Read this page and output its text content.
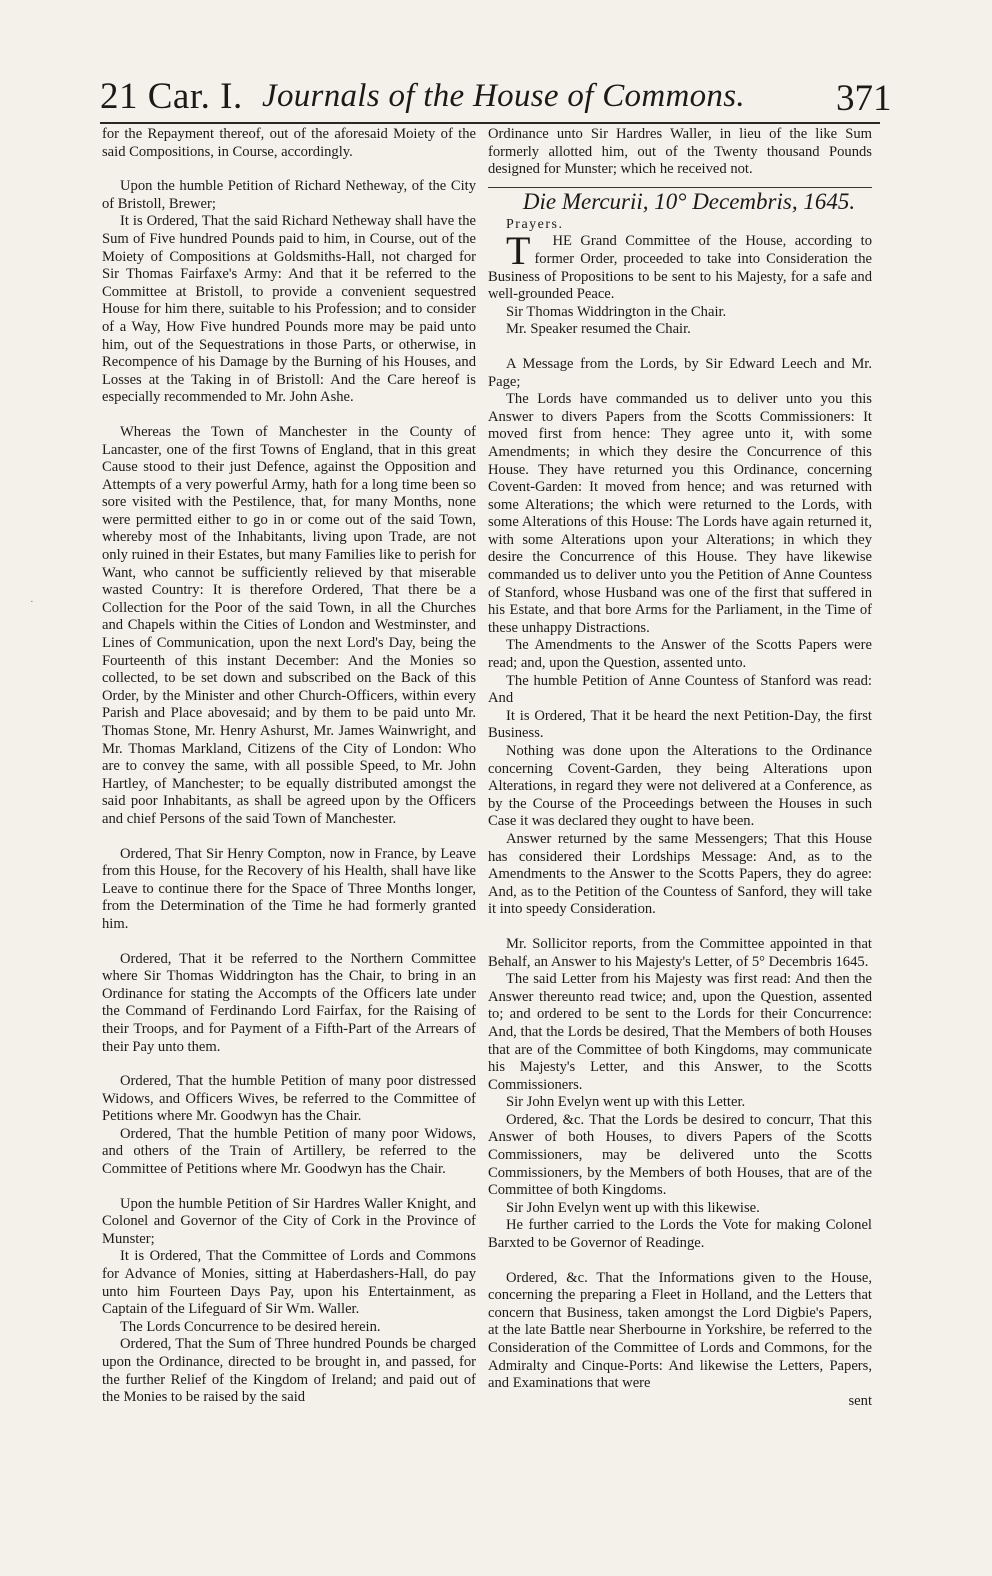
21 Car. I. Journals of the House of Commons. 371
·

for the Repayment thereof, out of the aforesaid Moiety of the said Compositions, in Course, accordingly.

Upon the humble Petition of Richard Netheway, of the City of Bristoll, Brewer;

It is Ordered, That the said Richard Netheway shall have the Sum of Five hundred Pounds paid to him, in Course, out of the Moiety of Compositions at Goldsmiths-Hall, not charged for Sir Thomas Fairfaxe's Army: And that it be referred to the Committee at Bristoll, to provide a convenient sequestred House for him there, suitable to his Profession; and to consider of a Way, How Five hundred Pounds more may be paid unto him, out of the Sequestrations in those Parts, or otherwise, in Recompence of his Damage by the Burning of his Houses, and Losses at the Taking in of Bristoll: And the Care hereof is especially recommended to Mr. John Ashe.

Whereas the Town of Manchester in the County of Lancaster, one of the first Towns of England, that in this great Cause stood to their just Defence, against the Opposition and Attempts of a very powerful Army, hath for a long time been so sore visited with the Pestilence, that, for many Months, none were permitted either to go in or come out of the said Town, whereby most of the Inhabitants, living upon Trade, are not only ruined in their Estates, but many Families like to perish for Want, who cannot be sufficiently relieved by that miserable wasted Country: It is therefore Ordered, That there be a Collection for the Poor of the said Town, in all the Churches and Chapels within the Cities of London and Westminster, and Lines of Communication, upon the next Lord's Day, being the Fourteenth of this instant December: And the Monies so collected, to be set down and subscribed on the Back of this Order, by the Minister and other Church-Officers, within every Parish and Place abovesaid; and by them to be paid unto Mr. Thomas Stone, Mr. Henry Ashurst, Mr. James Wainwright, and Mr. Thomas Markland, Citizens of the City of London: Who are to convey the same, with all possible Speed, to Mr. John Hartley, of Manchester; to be equally distributed amongst the said poor Inhabitants, as shall be agreed upon by the Officers and chief Persons of the said Town of Manchester.

Ordered, That Sir Henry Compton, now in France, by Leave from this House, for the Recovery of his Health, shall have like Leave to continue there for the Space of Three Months longer, from the Determination of the Time he had formerly granted him.

Ordered, That it be referred to the Northern Committee where Sir Thomas Widdrington has the Chair, to bring in an Ordinance for stating the Accompts of the Officers late under the Command of Ferdinando Lord Fairfax, for the Raising of their Troops, and for Payment of a Fifth-Part of the Arrears of their Pay unto them.

Ordered, That the humble Petition of many poor distressed Widows, and Officers Wives, be referred to the Committee of Petitions where Mr. Goodwyn has the Chair.

Ordered, That the humble Petition of many poor Widows, and others of the Train of Artillery, be referred to the Committee of Petitions where Mr. Goodwyn has the Chair.

Upon the humble Petition of Sir Hardres Waller Knight, and Colonel and Governor of the City of Cork in the Province of Munster;

It is Ordered, That the Committee of Lords and Commons for Advance of Monies, sitting at Haberdashers-Hall, do pay unto him Fourteen Days Pay, upon his Entertainment, as Captain of the Lifeguard of Sir Wm. Waller.

The Lords Concurrence to be desired herein.

Ordered, That the Sum of Three hundred Pounds be charged upon the Ordinance, directed to be brought in, and passed, for the further Relief of the Kingdom of Ireland; and paid out of the Monies to be raised by the said

Ordinance unto Sir Hardres Waller, in lieu of the like Sum formerly allotted him, out of the Twenty thousand Pounds designed for Munster; which he received not.

Die Mercurii, 10° Decembris, 1645.

Prayers.

T HE Grand Committee of the House, according to former Order, proceeded to take into Consideration the Business of Propositions to be sent to his Majesty, for a safe and well-grounded Peace.

Sir Thomas Widdrington in the Chair.

Mr. Speaker resumed the Chair.

A Message from the Lords, by Sir Edward Leech and Mr. Page;

The Lords have commanded us to deliver unto you this Answer to divers Papers from the Scotts Commissioners: It moved first from hence: They agree unto it, with some Amendments; in which they desire the Concurrence of this House. They have returned you this Ordinance, concerning Covent-Garden: It moved from hence; and was returned with some Alterations; the which were returned to the Lords, with some Alterations of this House: The Lords have again returned it, with some Alterations upon your Alterations; in which they desire the Concurrence of this House. They have likewise commanded us to deliver unto you the Petition of Anne Countess of Stanford, whose Husband was one of the first that suffered in his Estate, and that bore Arms for the Parliament, in the Time of these unhappy Distractions.

The Amendments to the Answer of the Scotts Papers were read; and, upon the Question, assented unto.

The humble Petition of Anne Countess of Stanford was read: And

It is Ordered, That it be heard the next Petition-Day, the first Business.

Nothing was done upon the Alterations to the Ordinance concerning Covent-Garden, they being Alterations upon Alterations, in regard they were not delivered at a Conference, as by the Course of the Proceedings between the Houses in such Case it was declared they ought to have been.

Answer returned by the same Messengers; That this House has considered their Lordships Message: And, as to the Amendments to the Answer to the Scotts Papers, they do agree: And, as to the Petition of the Countess of Sanford, they will take it into speedy Consideration.

Mr. Sollicitor reports, from the Committee appointed in that Behalf, an Answer to his Majesty's Letter, of 5° Decembris 1645.

The said Letter from his Majesty was first read: And then the Answer thereunto read twice; and, upon the Question, assented to; and ordered to be sent to the Lords for their Concurrence: And, that the Lords be desired, That the Members of both Houses that are of the Committee of both Kingdoms, may communicate his Majesty's Letter, and this Answer, to the Scotts Commissioners.

Sir John Evelyn went up with this Letter.

Ordered, &c. That the Lords be desired to concurr, That this Answer of both Houses, to divers Papers of the Scotts Commissioners, may be delivered unto the Scotts Commissioners, by the Members of both Houses, that are of the Committee of both Kingdoms.

Sir John Evelyn went up with this likewise.

He further carried to the Lords the Vote for making Colonel Barxted to be Governor of Readinge.

Ordered, &c. That the Informations given to the House, concerning the preparing a Fleet in Holland, and the Letters that concern that Business, taken amongst the Lord Digbie's Papers, at the late Battle near Sherbourne in Yorkshire, be referred to the Consideration of the Committee of Lords and Commons, for the Admiralty and Cinque-Ports: And likewise the Letters, Papers, and Examinations that were

sent
